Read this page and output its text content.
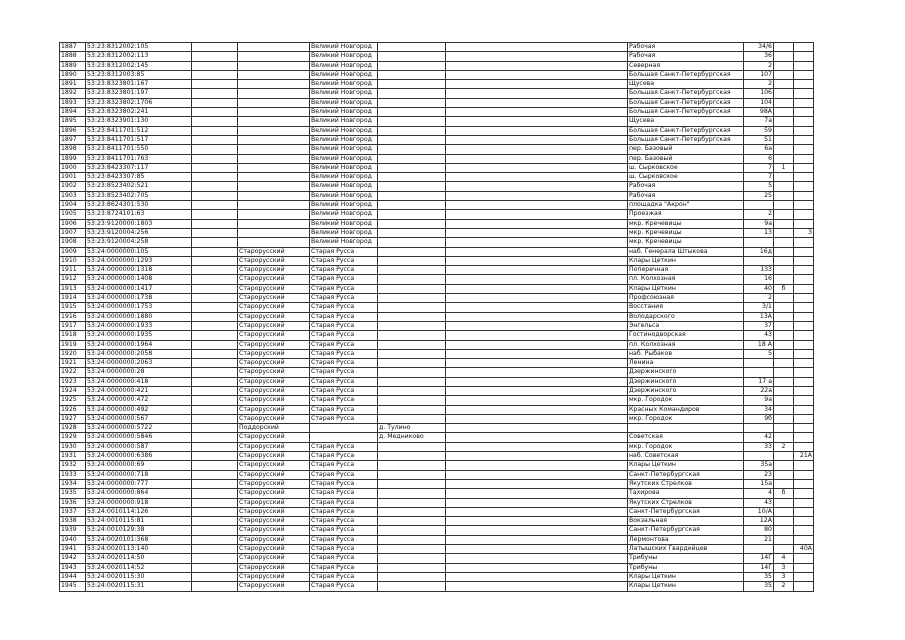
1887	53:23:8312002:105			Великий Новгород			Рабочая	34/6		
1888	53:23:8312002:113			Великий Новгород			Рабочая	36		
1889	53:23:8312002:145			Великий Новгород			Северная	2		
1890	53:23:8312003:85			Великий Новгород			Большая Санкт-Петербургская	107		
1891	53:23:8323801:167			Великий Новгород			Щусева	2		
1892	53:23:8323801:197			Великий Новгород			Большая Санкт-Петербургская	106		
1893	53:23:8323802:1706			Великий Новгород			Большая Санкт-Петербургская	104		
1894	53:23:8323802:241			Великий Новгород			Большая Санкт-Петербургская	98А		
1895	53:23:8323901:130			Великий Новгород			Щусева	7а		
1896	53:23:8411701:512			Великий Новгород			Большая Санкт-Петербургская	59		
1897	53:23:8411701:517			Великий Новгород			Большая Санкт-Петербургская	51		
1898	53:23:8411701:550			Великий Новгород			пер. Базовый	6а		
1899	53:23:8411701:763			Великий Новгород			пер. Базовый	6		
1900	53:23:8423307:117			Великий Новгород			ш. Сырковское	7	1	
1901	53:23:8423307:85			Великий Новгород			ш. Сырковское	7		
1902	53:23:8523402:521			Великий Новгород			Рабочая	5		
1903	53:23:8523402:705			Великий Новгород			Рабочая	25		
1904	53:23:8624301:530			Великий Новгород			площадка "Акрон"			
1905	53:23:8724101:63			Великий Новгород			Проезжая	2		
1906	53:23:9120000:1803			Великий Новгород			мкр. Кречевицы	9а		
1907	53:23:9120004:256			Великий Новгород			мкр. Кречевицы	13		3
1908	53:23:9120004:258			Великий Новгород			мкр. Кречевицы			
1909	53:24:0000000:105		Старорусский	Старая Русса			наб. Генерала Штыкова	16д		
1910	53:24:0000000:1293		Старорусский	Старая Русса			Клары Цеткин			
1911	53:24:0000000:1318		Старорусский	Старая Русса			Поперечная	133		
1912	53:24:0000000:1408		Старорусский	Старая Русса			пл. Колхозная	16		
1913	53:24:0000000:1417		Старорусский	Старая Русса			Клары Цеткин	40	б	
1914	53:24:0000000:1738		Старорусский	Старая Русса			Профсоюзная	2		
1915	53:24:0000000:1753		Старорусский	Старая Русса			Восстания	3/1		
1916	53:24:0000000:1880		Старорусский	Старая Русса			Володарского	13А		
1917	53:24:0000000:1933		Старорусский	Старая Русса			Энгельса	37		
1918	53:24:0000000:1935		Старорусский	Старая Русса			Гостинодворская	43		
1919	53:24:0000000:1964		Старорусский	Старая Русса			пл. Колхозная	18 А		
1920	53:24:0000000:2058		Старорусский	Старая Русса			наб. Рыбаков	5		
1921	53:24:0000000:2063		Старорусский	Старая Русса			Ленина			
1922	53:24:0000000:28		Старорусский	Старая Русса			Дзержинского			
1923	53:24:0000000:418		Старорусский	Старая Русса			Дзержинского	17 а		
1924	53:24:0000000:421		Старорусский	Старая Русса			Дзержинского	22а		
1925	53:24:0000000:472		Старорусский	Старая Русса			мкр. Городок	9а		
1926	53:24:0000000:492		Старорусский	Старая Русса			Красных Командиров	34		
1927	53:24:0000000:567		Старорусский	Старая Русса			мкр. Городок	9б		
1928	53:24:0000000:5722		Поддорский		д. Тулино					
1929	53:24:0000000:5846		Старорусский		д. Медниково		Советская	42		
1930	53:24:0000000:587		Старорусский	Старая Русса			мкр. Городок	33	2	
1931	53:24:0000000:6386		Старорусский	Старая Русса			наб. Советская			21А
1932	53:24:0000000:69		Старорусский	Старая Русса			Клары Цеткин	35а		
1933	53:24:0000000:718		Старорусский	Старая Русса			Санкт-Петербургская	23		
1934	53:24:0000000:777		Старорусский	Старая Русса			Якутских Стрелков	15а		
1935	53:24:0000000:864		Старорусский	Старая Русса			Тахирова	4	б	
1936	53:24:0000000:918		Старорусский	Старая Русса			Якутских Стрелков	43		
1937	53:24:0010114:126		Старорусский	Старая Русса			Санкт-Петербургская	10/А		
1938	53:24:0010115:81		Старорусский	Старая Русса			Вокзальная	12А		
1939	53:24:0010129:38		Старорусский	Старая Русса			Санкт-Петербургская	80		
1940	53:24:0020101:368		Старорусский	Старая Русса			Лермонтова	21		
1941	53:24:0020113:140		Старорусский	Старая Русса			Латышских Гвардейцев			40А
1942	53:24:0020114:50		Старорусский	Старая Русса			Трибуны	14Г	4	
1943	53:24:0020114:52		Старорусский	Старая Русса			Трибуны	14Г	3	
1944	53:24:0020115:30		Старорусский	Старая Русса			Клары Цеткин	35	3	
1945	53:24:0020115:31		Старорусский	Старая Русса			Клары Цеткин	35	2	
